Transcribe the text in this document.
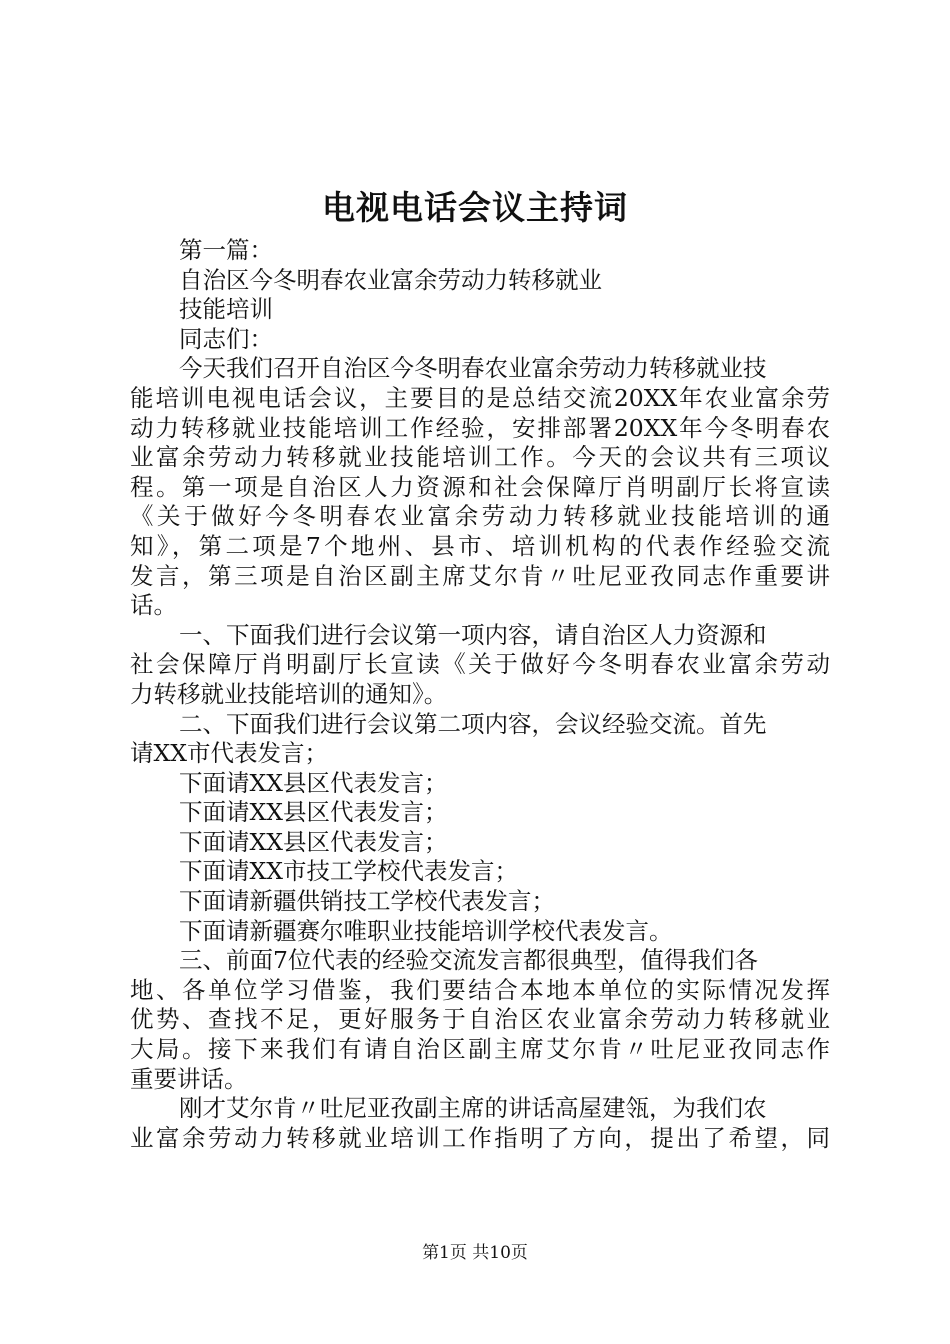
电视电话会议主持词
第一篇：
自治区今冬明春农业富余劳动力转移就业
技能培训
同志们：
今天我们召开自治区今冬明春农业富余劳动力转移就业技
能培训电视电话会议，主要目的是总结交流20XX年农业富余劳
动力转移就业技能培训工作经验，安排部署20XX年今冬明春农
业富余劳动力转移就业技能培训工作。今天的会议共有三项议
程。第一项是自治区人力资源和社会保障厅肖明副厅长将宣读
《关于做好今冬明春农业富余劳动力转移就业技能培训的通
知》，第二项是7个地州、县市、培训机构的代表作经验交流
发言，第三项是自治区副主席艾尔肯〃吐尼亚孜同志作重要讲
话。
一、下面我们进行会议第一项内容，请自治区人力资源和
社会保障厅肖明副厅长宣读《关于做好今冬明春农业富余劳动
力转移就业技能培训的通知》。
二、下面我们进行会议第二项内容，会议经验交流。首先
请XX市代表发言；
下面请XX县区代表发言；
下面请XX县区代表发言；
下面请XX县区代表发言；
下面请XX市技工学校代表发言；
下面请新疆供销技工学校代表发言；
下面请新疆赛尔唯职业技能培训学校代表发言。
三、前面7位代表的经验交流发言都很典型，值得我们各
地、各单位学习借鉴，我们要结合本地本单位的实际情况发挥
优势、查找不足，更好服务于自治区农业富余劳动力转移就业
大局。接下来我们有请自治区副主席艾尔肯〃吐尼亚孜同志作
重要讲话。
刚才艾尔肯〃吐尼亚孜副主席的讲话高屋建瓴，为我们农
业富余劳动力转移就业培训工作指明了方向，提出了希望，同
第1页 共10页
